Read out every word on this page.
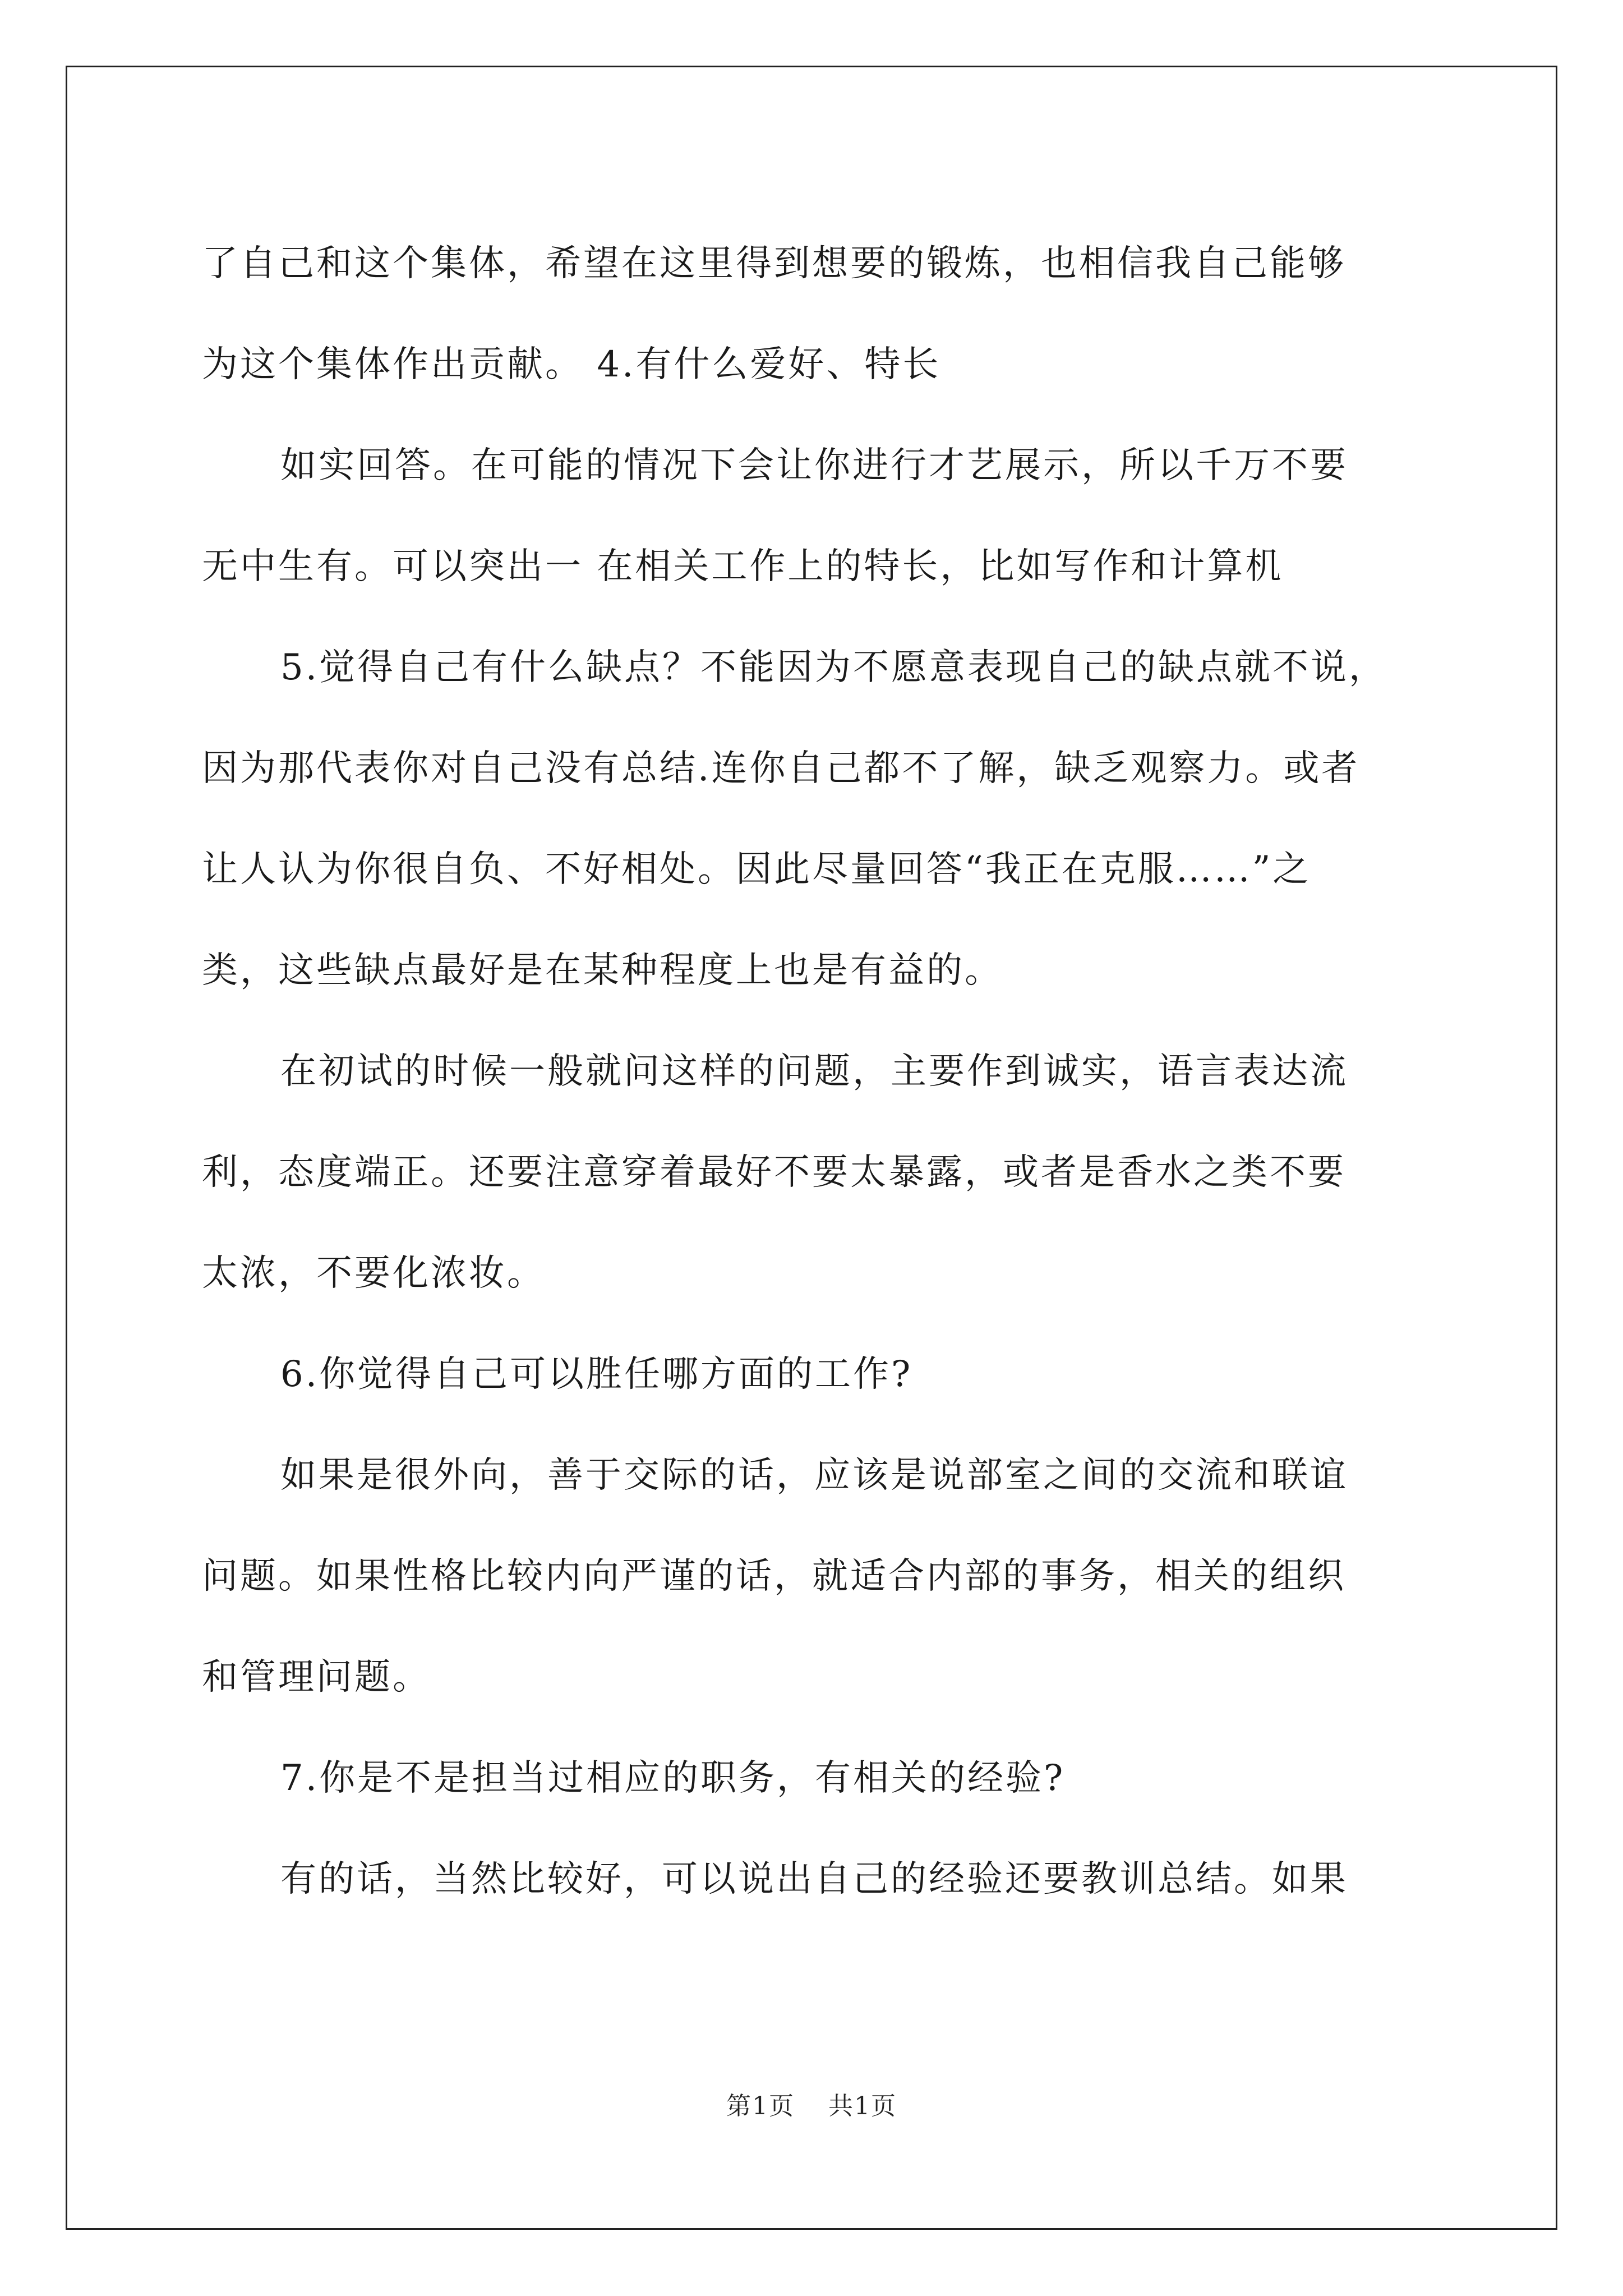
了自己和这个集体，希望在这里得到想要的锻炼，也相信我自己能够
为这个集体作出贡献。 4.有什么爱好、特长
如实回答。在可能的情况下会让你进行才艺展示，所以千万不要
无中生有。可以突出一 在相关工作上的特长，比如写作和计算机
5.觉得自己有什么缺点？不能因为不愿意表现自己的缺点就不说，
因为那代表你对自己没有总结.连你自己都不了解，缺乏观察力。或者
让人认为你很自负、不好相处。因此尽量回答“我正在克服……”之
类，这些缺点最好是在某种程度上也是有益的。
在初试的时候一般就问这样的问题，主要作到诚实，语言表达流
利，态度端正。还要注意穿着最好不要太暴露，或者是香水之类不要
太浓，不要化浓妆。
6.你觉得自己可以胜任哪方面的工作?
如果是很外向，善于交际的话，应该是说部室之间的交流和联谊
问题。如果性格比较内向严谨的话，就适合内部的事务，相关的组织
和管理问题。
7.你是不是担当过相应的职务，有相关的经验?
有的话，当然比较好，可以说出自己的经验还要教训总结。如果
第1页 共1页
